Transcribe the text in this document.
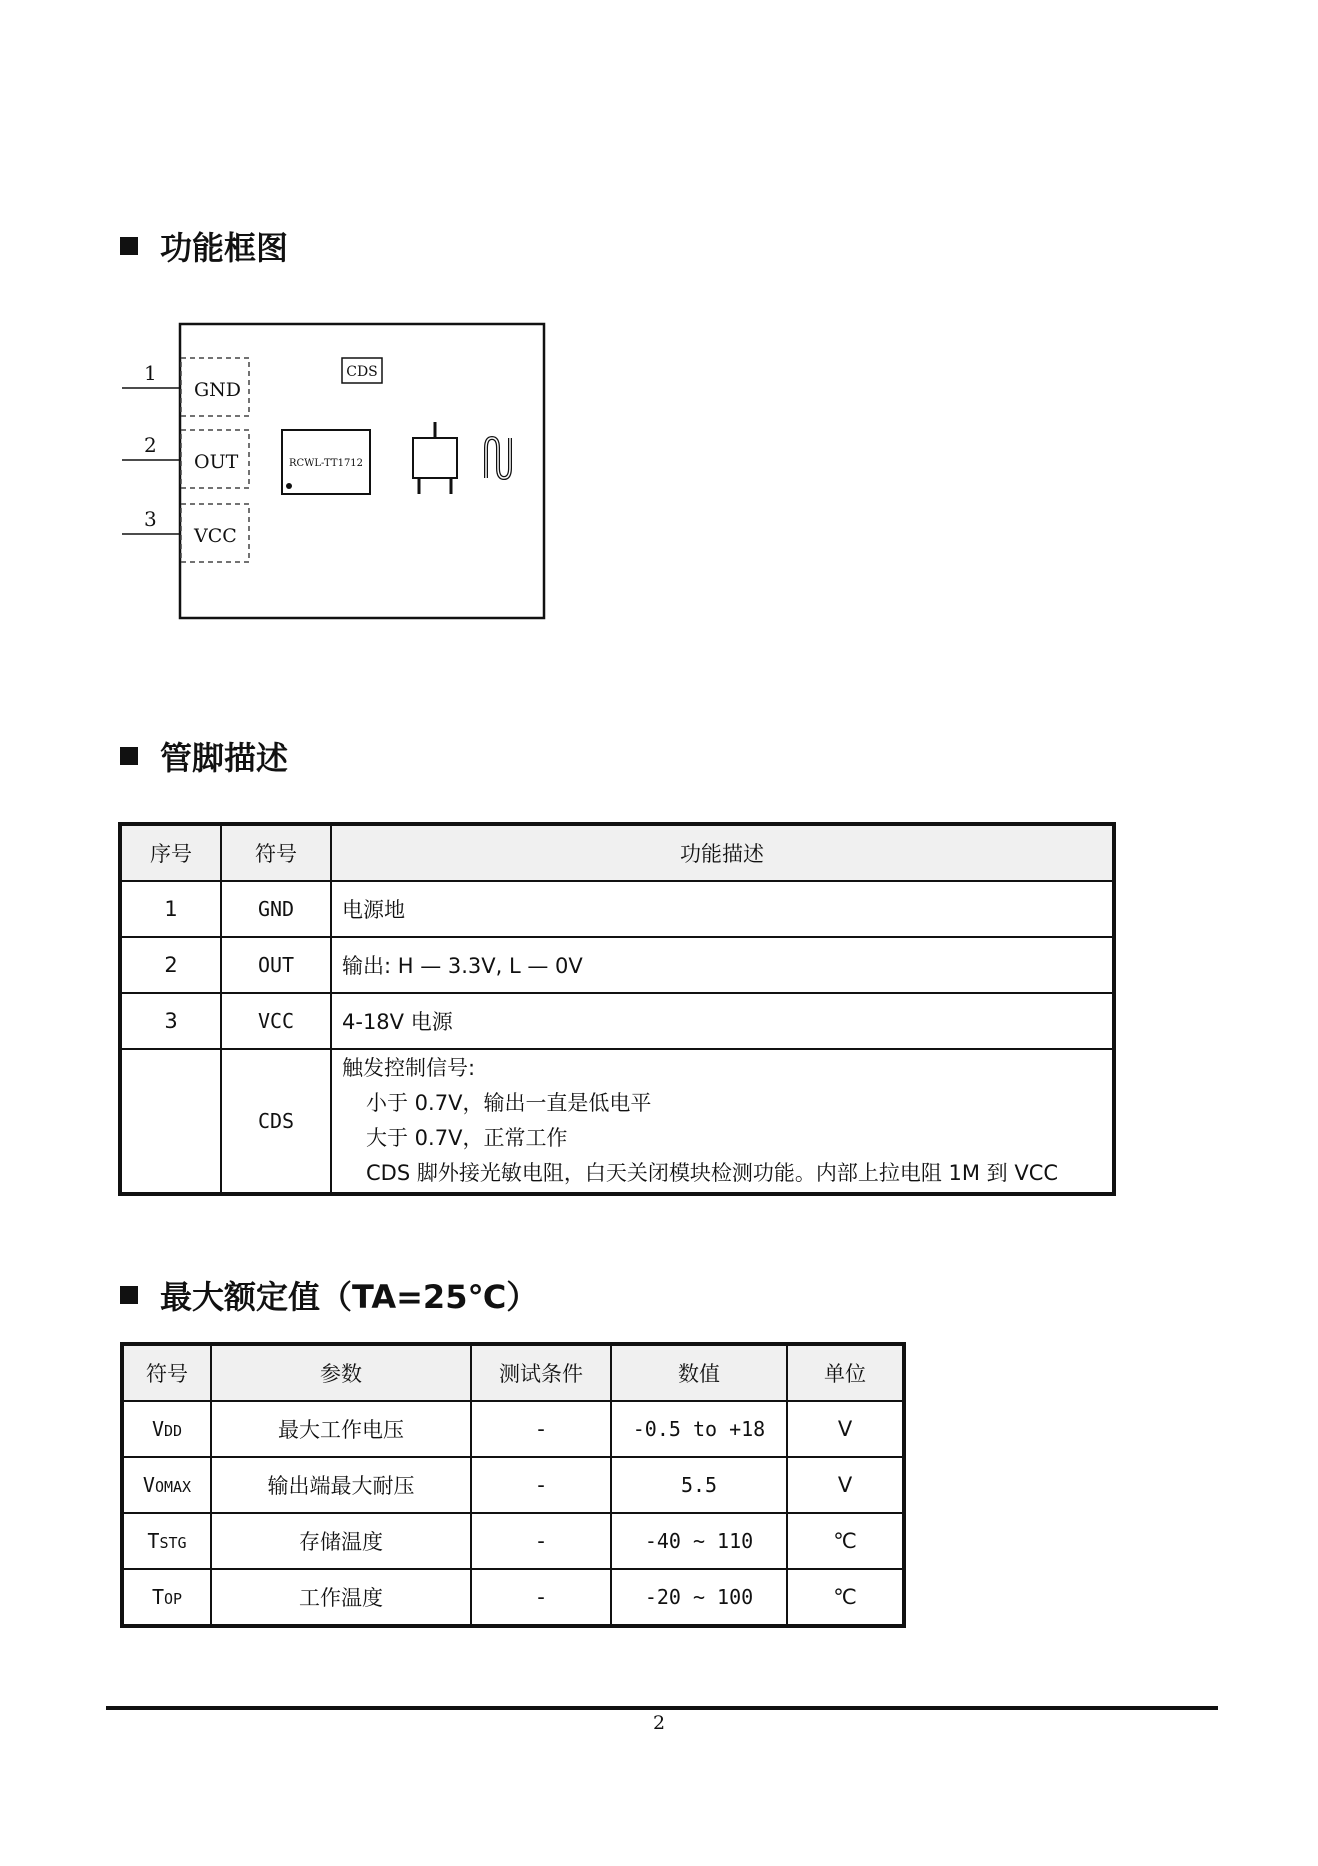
功能框图
1
2
3
GND
OUT
VCC
CDS
RCWL-TT1712
管脚描述
序号	符号	功能描述
1	GND	电源地
2	OUT	输出: H — 3.3V, L — 0V
3	VCC	4-18V 电源
	CDS	触发控制信号:
小于 0.7V，输出一直是低电平
大于 0.7V，正常工作
CDS 脚外接光敏电阻，白天关闭模块检测功能。内部上拉电阻 1M 到 VCC
最大额定值（TA=25℃）
符号	参数	测试条件	数值	单位
VDD	最大工作电压	-	-0.5 to +18	V
VOMAX	输出端最大耐压	-	5.5	V
TSTG	存储温度	-	-40 ~ 110	℃
TOP	工作温度	-	-20 ~ 100	℃
2
